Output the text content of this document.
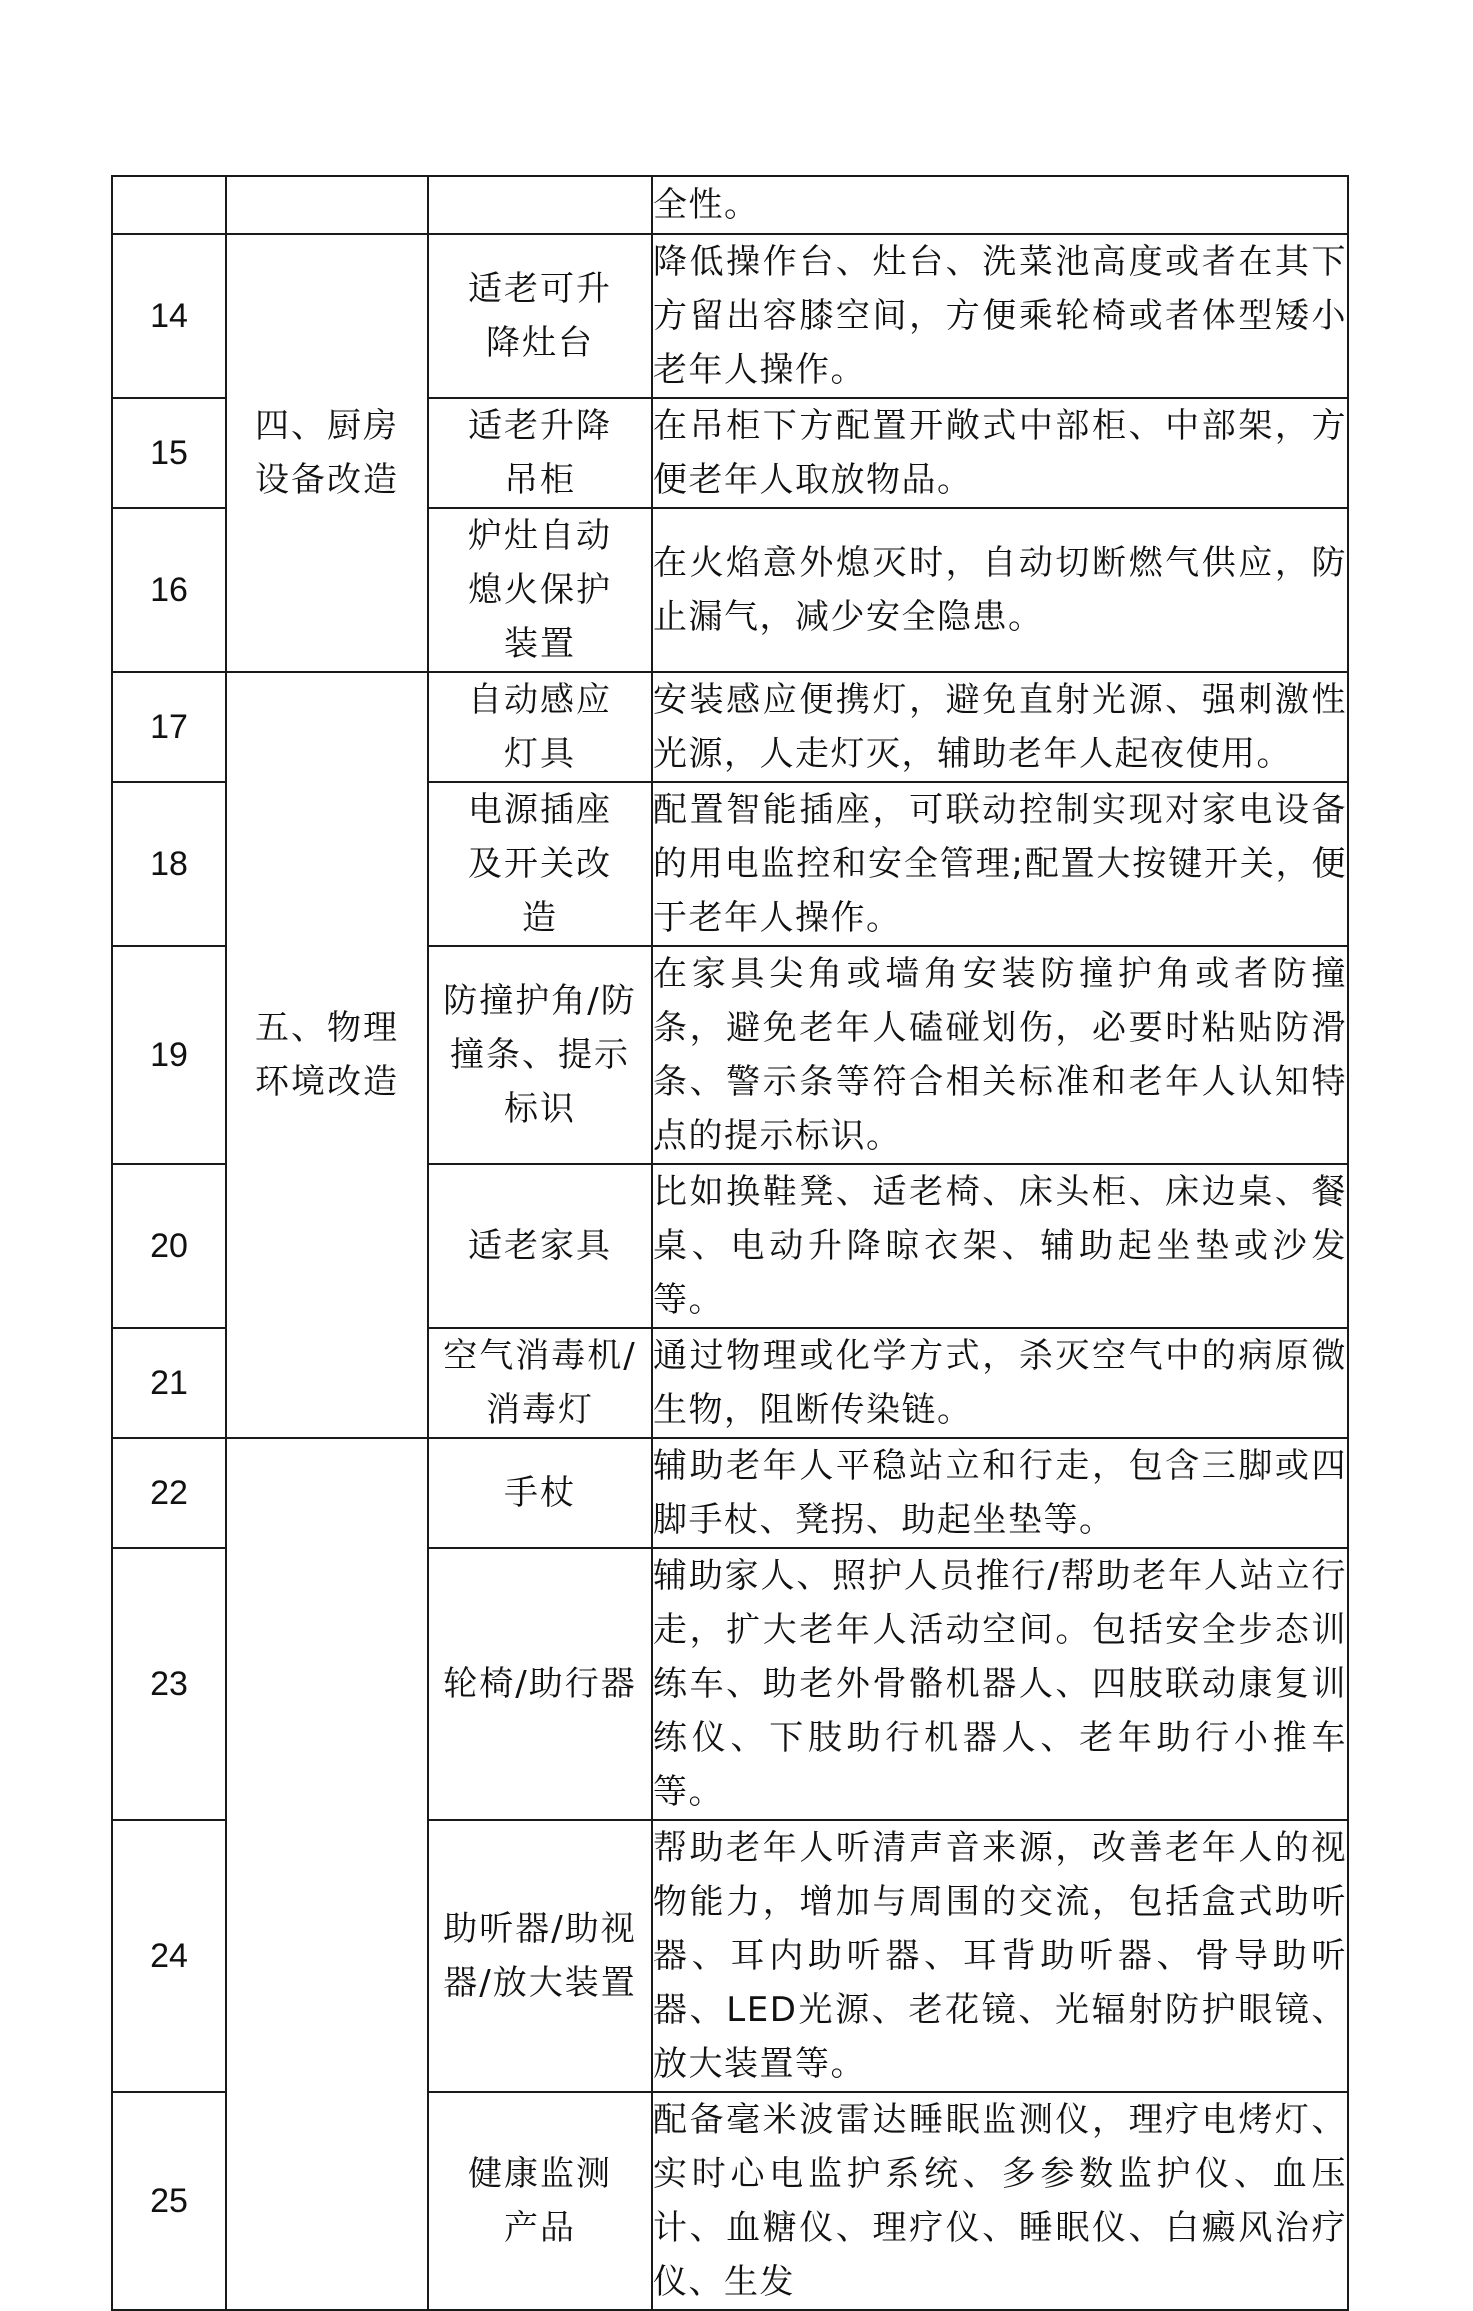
			全性。
14	四、厨房设备改造	适老可升降灶台	降低操作台、灶台、洗菜池高度或者在其下方留出容膝空间，方便乘轮椅或者体型矮小老年人操作。
15		适老升降吊柜	在吊柜下方配置开敞式中部柜、中部架，方便老年人取放物品。
16		炉灶自动熄火保护装置	在火焰意外熄灭时，自动切断燃气供应，防止漏气，减少安全隐患。
17	五、物理环境改造	自动感应灯具	安装感应便携灯，避免直射光源、强刺激性光源，人走灯灭，辅助老年人起夜使用。
18		电源插座及开关改造	配置智能插座，可联动控制实现对家电设备的用电监控和安全管理;配置大按键开关，便于老年人操作。
19		防撞护角/防撞条、提示标识	在家具尖角或墙角安装防撞护角或者防撞条，避免老年人磕碰划伤，必要时粘贴防滑条、警示条等符合相关标准和老年人认知特点的提示标识。
20		适老家具	比如换鞋凳、适老椅、床头柜、床边桌、餐桌、电动升降晾衣架、辅助起坐垫或沙发等。
21		空气消毒机/消毒灯	通过物理或化学方式，杀灭空气中的病原微生物，阻断传染链。
22		手杖	辅助老年人平稳站立和行走，包含三脚或四脚手杖、凳拐、助起坐垫等。
23		轮椅/助行器	辅助家人、照护人员推行/帮助老年人站立行走，扩大老年人活动空间。包括安全步态训练车、助老外骨骼机器人、四肢联动康复训练仪、下肢助行机器人、老年助行小推车等。
24		助听器/助视器/放大装置	帮助老年人听清声音来源，改善老年人的视物能力，增加与周围的交流，包括盒式助听器、耳内助听器、耳背助听器、骨导助听器、LED光源、老花镜、光辐射防护眼镜、放大装置等。
25		健康监测产品	配备毫米波雷达睡眠监测仪，理疗电烤灯、实时心电监护系统、多参数监护仪、血压计、血糖仪、理疗仪、睡眠仪、白癜风治疗仪、生发
